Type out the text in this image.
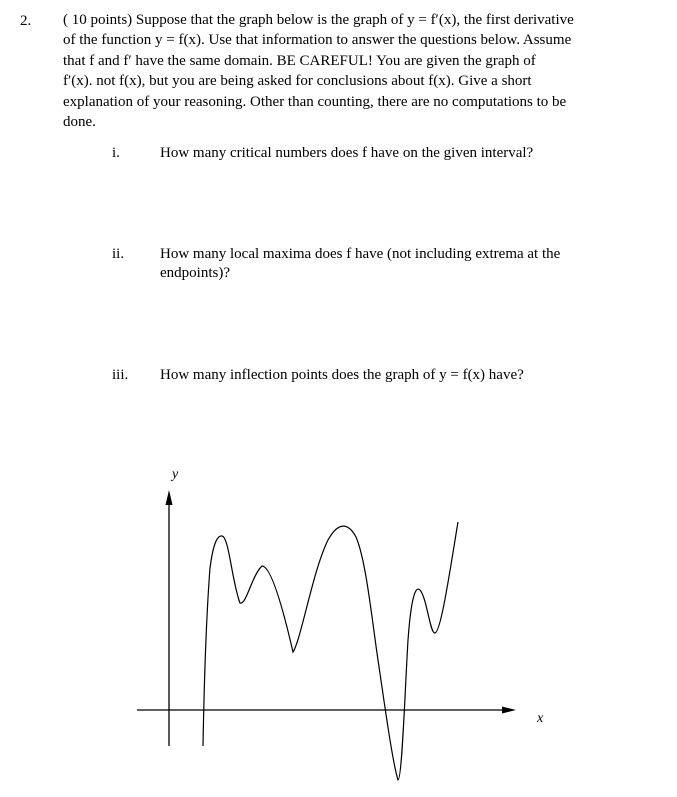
2. ( 10 points) Suppose that the graph below is the graph of y = f′(x), the first derivative
of the function y = f(x). Use that information to answer the questions below. Assume
that f and f′ have the same domain. BE CAREFUL! You are given the graph of
f′(x). not f(x), but you are being asked for conclusions about f(x). Give a short
explanation of your reasoning. Other than counting, there are no computations to be
done.
i.	How many critical numbers does f have on the given interval?
ii. How many local maxima does f have (not including extrema at the
endpoints)?
iii. How many inflection points does the graph of y = f(x) have?
y
x
